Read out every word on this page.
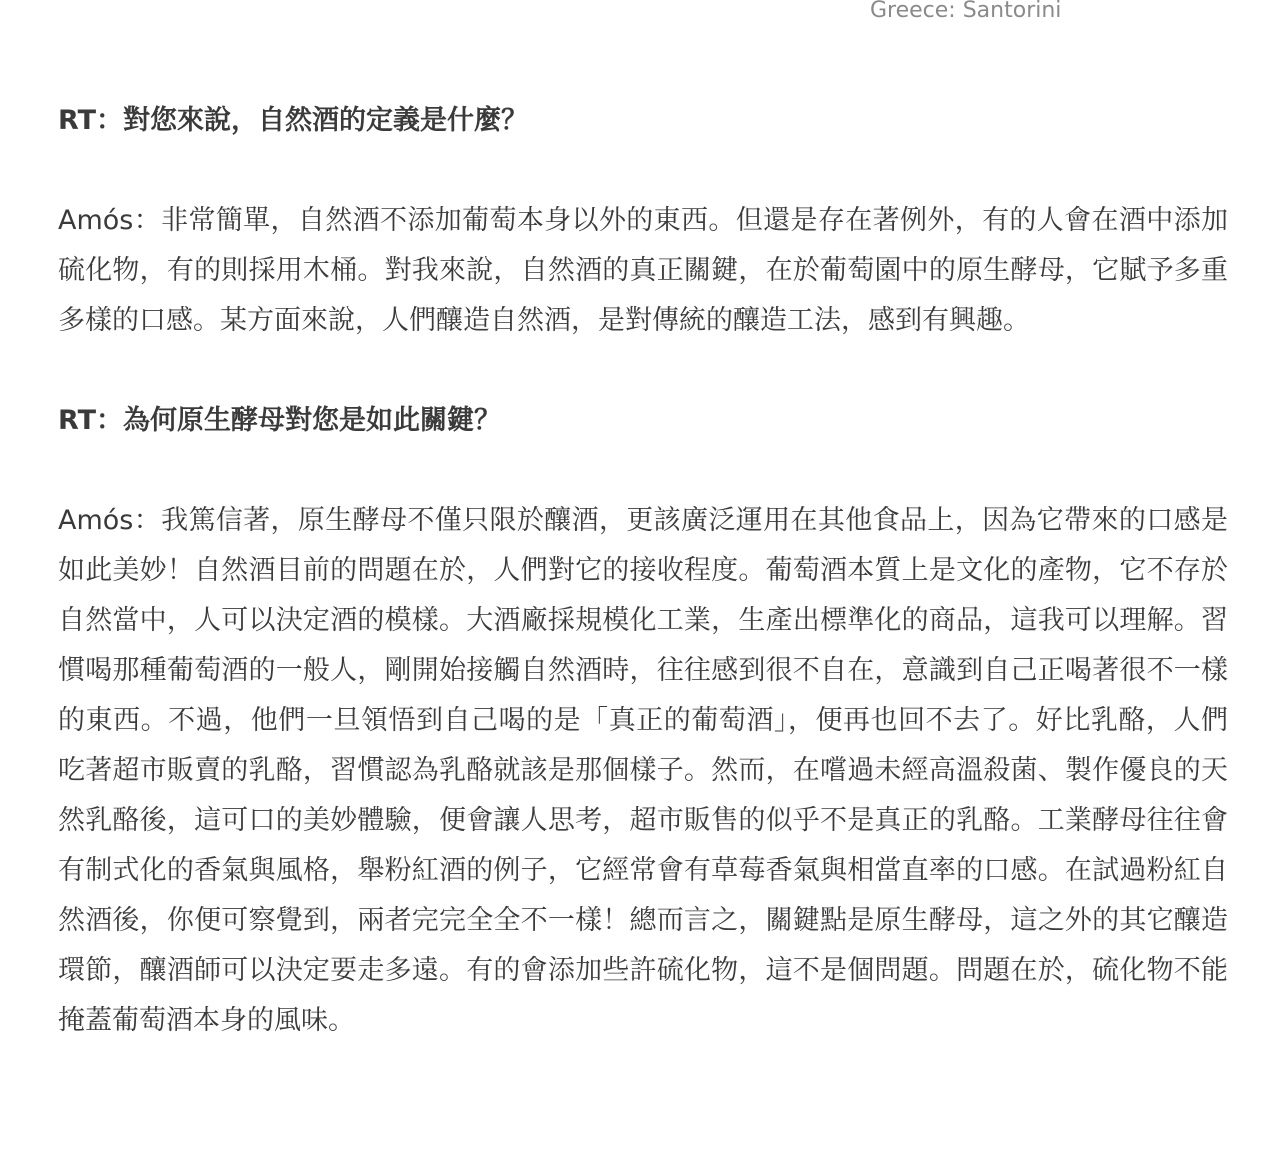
Greece: Santorini

RT：對您來說，自然酒的定義是什麼？

Amós：非常簡單，自然酒不添加葡萄本身以外的東西。但還是存在著例外，有的人會在酒中添加硫化物，有的則採用木桶。對我來說，自然酒的真正關鍵，在於葡萄園中的原生酵母，它賦予多重多樣的口感。某方面來說，人們釀造自然酒，是對傳統的釀造工法，感到有興趣。

RT：為何原生酵母對您是如此關鍵？

Amós：我篤信著，原生酵母不僅只限於釀酒，更該廣泛運用在其他食品上，因為它帶來的口感是如此美妙！自然酒目前的問題在於，人們對它的接收程度。葡萄酒本質上是文化的產物，它不存於自然當中，人可以決定酒的模樣。大酒廠採規模化工業，生產出標準化的商品，這我可以理解。習慣喝那種葡萄酒的一般人，剛開始接觸自然酒時，往往感到很不自在，意識到自己正喝著很不一樣的東西。不過，他們一旦領悟到自己喝的是「真正的葡萄酒」，便再也回不去了。好比乳酪，人們吃著超市販賣的乳酪，習慣認為乳酪就該是那個樣子。然而，在嚐過未經高溫殺菌、製作優良的天然乳酪後，這可口的美妙體驗，便會讓人思考，超市販售的似乎不是真正的乳酪。工業酵母往往會有制式化的香氣與風格，舉粉紅酒的例子，它經常會有草莓香氣與相當直率的口感。在試過粉紅自然酒後，你便可察覺到，兩者完完全全不一樣！總而言之，關鍵點是原生酵母，這之外的其它釀造環節，釀酒師可以決定要走多遠。有的會添加些許硫化物，這不是個問題。問題在於，硫化物不能掩蓋葡萄酒本身的風味。
